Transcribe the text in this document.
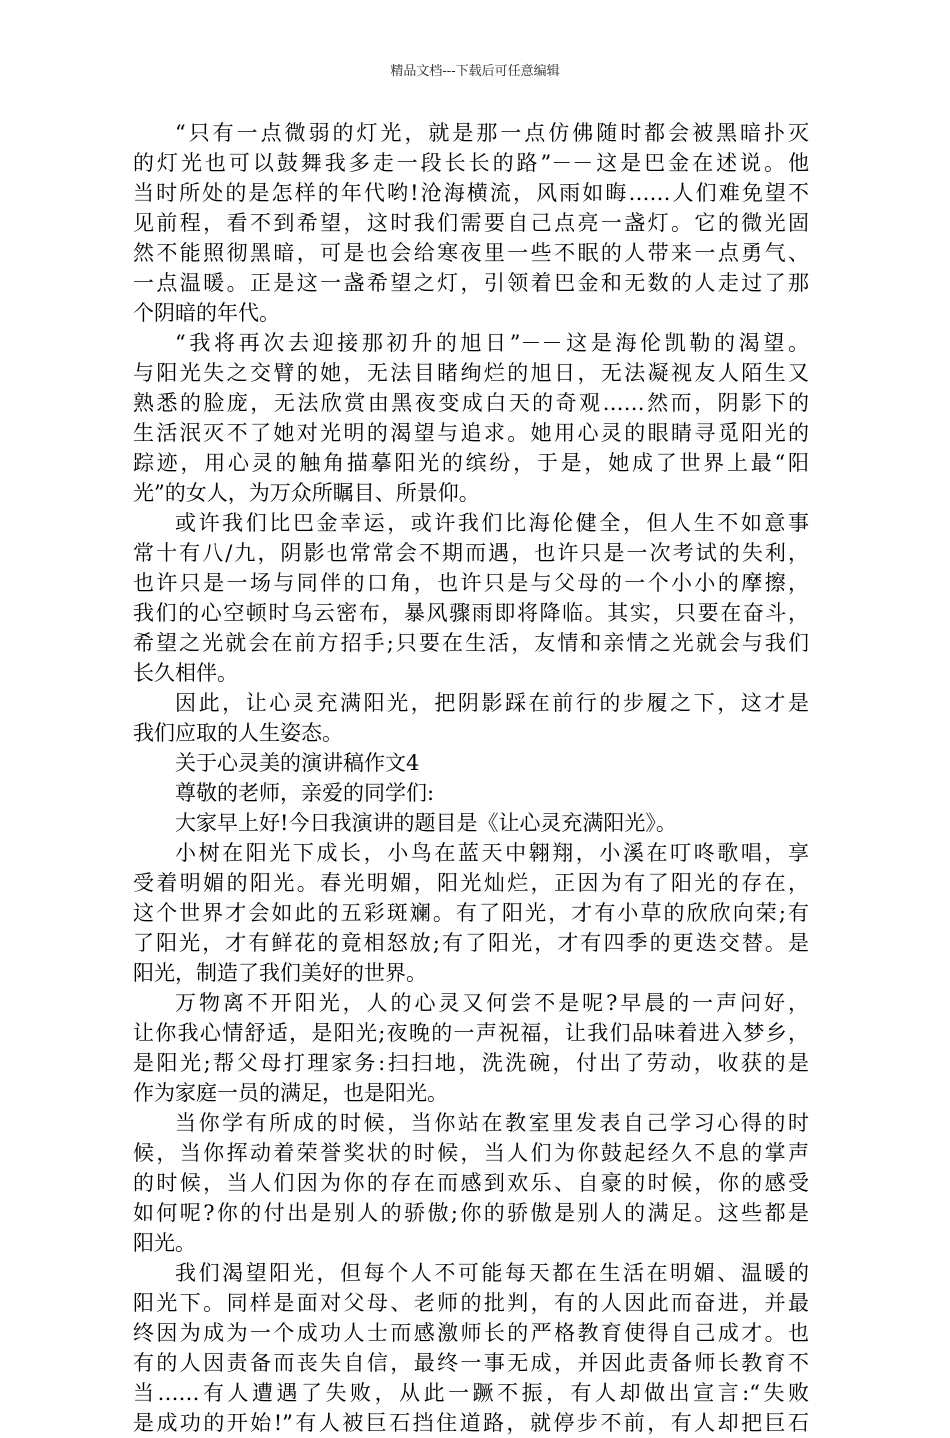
精品文档---下载后可任意编辑
“只有一点微弱的灯光，就是那一点仿佛随时都会被黑暗扑灭
的灯光也可以鼓舞我多走一段长长的路”－－这是巴金在述说。他
当时所处的是怎样的年代哟!沧海横流，风雨如晦……人们难免望不
见前程，看不到希望，这时我们需要自己点亮一盏灯。它的微光固
然不能照彻黑暗，可是也会给寒夜里一些不眠的人带来一点勇气、
一点温暖。正是这一盏希望之灯，引领着巴金和无数的人走过了那
个阴暗的年代。
“我将再次去迎接那初升的旭日”－－这是海伦凯勒的渴望。
与阳光失之交臂的她，无法目睹绚烂的旭日，无法凝视友人陌生又
熟悉的脸庞，无法欣赏由黑夜变成白天的奇观……然而，阴影下的
生活泯灭不了她对光明的渴望与追求。她用心灵的眼睛寻觅阳光的
踪迹，用心灵的触角描摹阳光的缤纷，于是，她成了世界上最“阳
光”的女人，为万众所瞩目、所景仰。
或许我们比巴金幸运，或许我们比海伦健全，但人生不如意事
常十有八/九，阴影也常常会不期而遇，也许只是一次考试的失利，
也许只是一场与同伴的口角，也许只是与父母的一个小小的摩擦，
我们的心空顿时乌云密布，暴风骤雨即将降临。其实，只要在奋斗，
希望之光就会在前方招手;只要在生活，友情和亲情之光就会与我们
长久相伴。
因此，让心灵充满阳光，把阴影踩在前行的步履之下，这才是
我们应取的人生姿态。
关于心灵美的演讲稿作文4
尊敬的老师，亲爱的同学们:
大家早上好!今日我演讲的题目是《让心灵充满阳光》。
小树在阳光下成长，小鸟在蓝天中翱翔，小溪在叮咚歌唱，享
受着明媚的阳光。春光明媚，阳光灿烂，正因为有了阳光的存在，
这个世界才会如此的五彩斑斓。有了阳光，才有小草的欣欣向荣;有
了阳光，才有鲜花的竟相怒放;有了阳光，才有四季的更迭交替。是
阳光，制造了我们美好的世界。
万物离不开阳光，人的心灵又何尝不是呢?早晨的一声问好，
让你我心情舒适，是阳光;夜晚的一声祝福，让我们品味着进入梦乡，
是阳光;帮父母打理家务:扫扫地，洗洗碗，付出了劳动，收获的是
作为家庭一员的满足，也是阳光。
当你学有所成的时候，当你站在教室里发表自己学习心得的时
候，当你挥动着荣誉奖状的时候，当人们为你鼓起经久不息的掌声
的时候，当人们因为你的存在而感到欢乐、自豪的时候，你的感受
如何呢?你的付出是别人的骄傲;你的骄傲是别人的满足。这些都是
阳光。
我们渴望阳光，但每个人不可能每天都在生活在明媚、温暖的
阳光下。同样是面对父母、老师的批判，有的人因此而奋进，并最
终因为成为一个成功人士而感激师长的严格教育使得自己成才。也
有的人因责备而丧失自信，最终一事无成，并因此责备师长教育不
当……有人遭遇了失败，从此一蹶不振，有人却做出宣言:“失败
是成功的开始!”有人被巨石挡住道路，就停步不前，有人却把巨石
